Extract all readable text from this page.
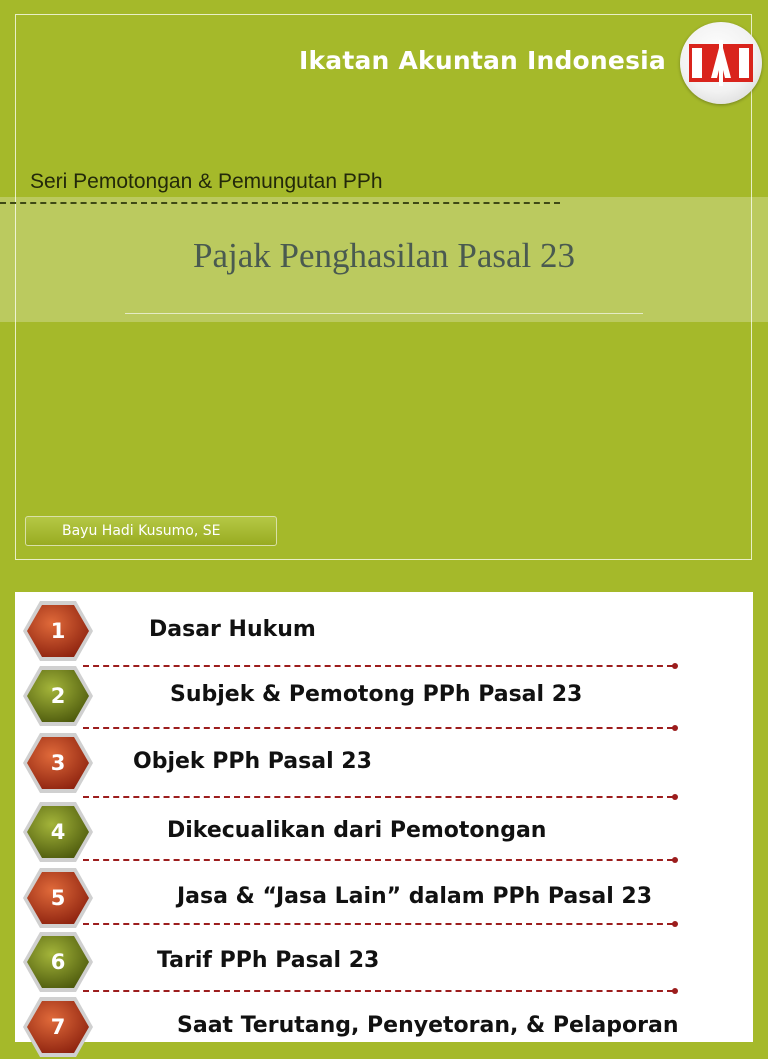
Ikatan Akuntan Indonesia
Seri Pemotongan & Pemungutan PPh
Pajak Penghasilan Pasal 23
Bayu Hadi Kusumo, SE
1	Dasar Hukum
2	Subjek & Pemotong PPh Pasal 23
3	Objek PPh Pasal 23
4	Dikecualikan dari Pemotongan
5	Jasa & “Jasa Lain” dalam PPh Pasal 23
6	Tarif PPh Pasal 23
7	Saat Terutang, Penyetoran, & Pelaporan
